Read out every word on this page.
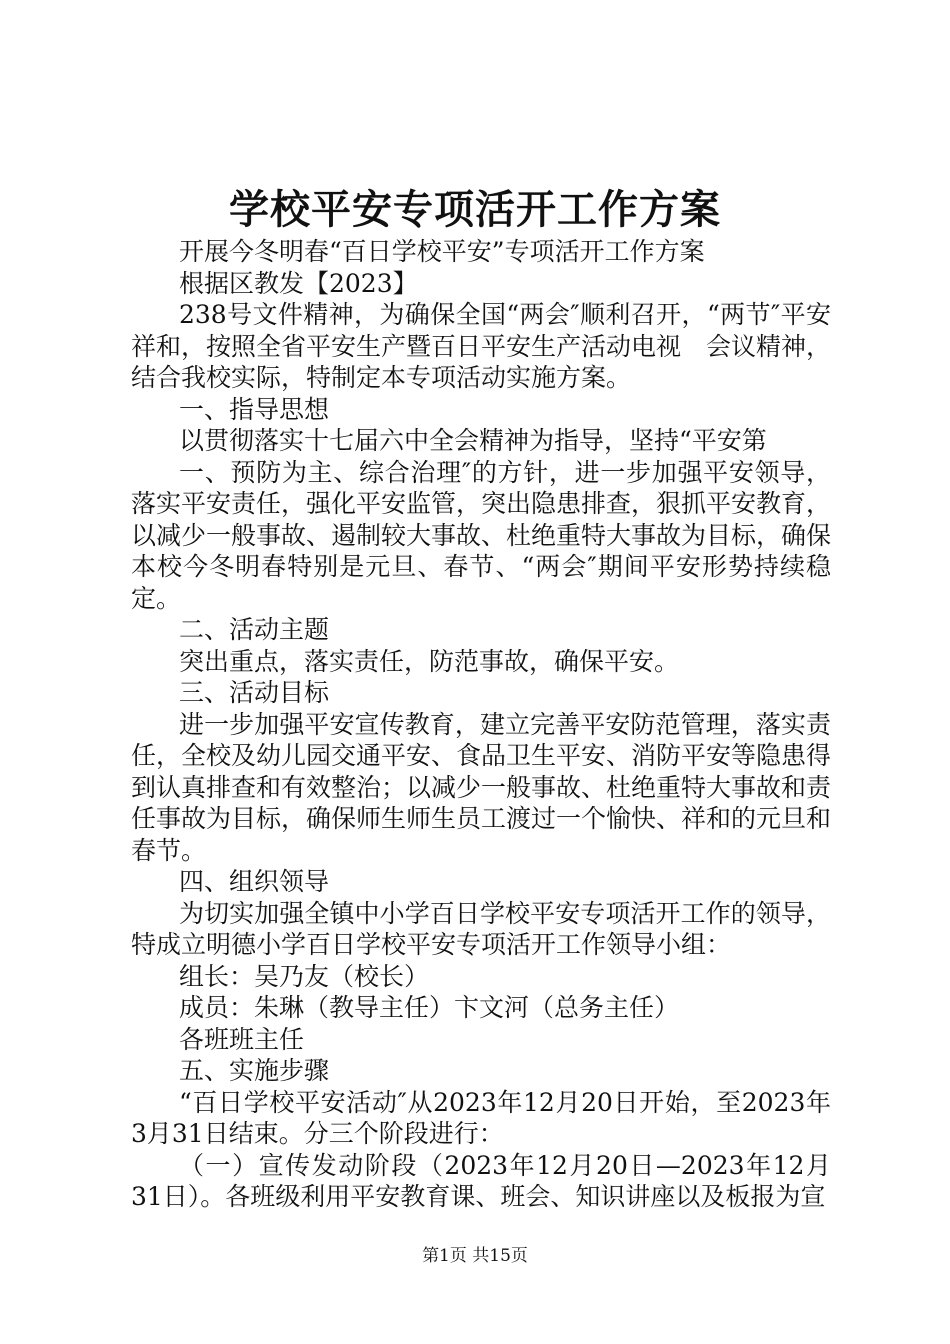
学校平安专项活开工作方案

开展今冬明春“百日学校平安”专项活开工作方案

根据区教发【2023】

238号文件精神，为确保全国“两会″顺利召开，“两节″平安祥和，按照全省平安生产暨百日平安生产活动电视　会议精神，结合我校实际，特制定本专项活动实施方案。

一、指导思想

以贯彻落实十七届六中全会精神为指导，坚持“平安第

一、预防为主、综合治理″的方针，进一步加强平安领导，落实平安责任，强化平安监管，突出隐患排查，狠抓平安教育，以减少一般事故、遏制较大事故、杜绝重特大事故为目标，确保本校今冬明春特别是元旦、春节、“两会″期间平安形势持续稳定。

二、活动主题

突出重点，落实责任，防范事故，确保平安。

三、活动目标

进一步加强平安宣传教育，建立完善平安防范管理，落实责任，全校及幼儿园交通平安、食品卫生平安、消防平安等隐患得到认真排查和有效整治；以减少一般事故、杜绝重特大事故和责任事故为目标，确保师生师生员工渡过一个愉快、祥和的元旦和春节。

四、组织领导

为切实加强全镇中小学百日学校平安专项活开工作的领导，特成立明德小学百日学校平安专项活开工作领导小组：

组长：吴乃友（校长）

成员：朱琳（教导主任）卞文河（总务主任）

各班班主任

五、实施步骤

“百日学校平安活动″从2023年12月20日开始，至2023年3月31日结束。分三个阶段进行：

（一）宣传发动阶段（2023年12月20日—2023年12月31日）。各班级利用平安教育课、班会、知识讲座以及板报为宣

第1页 共15页
